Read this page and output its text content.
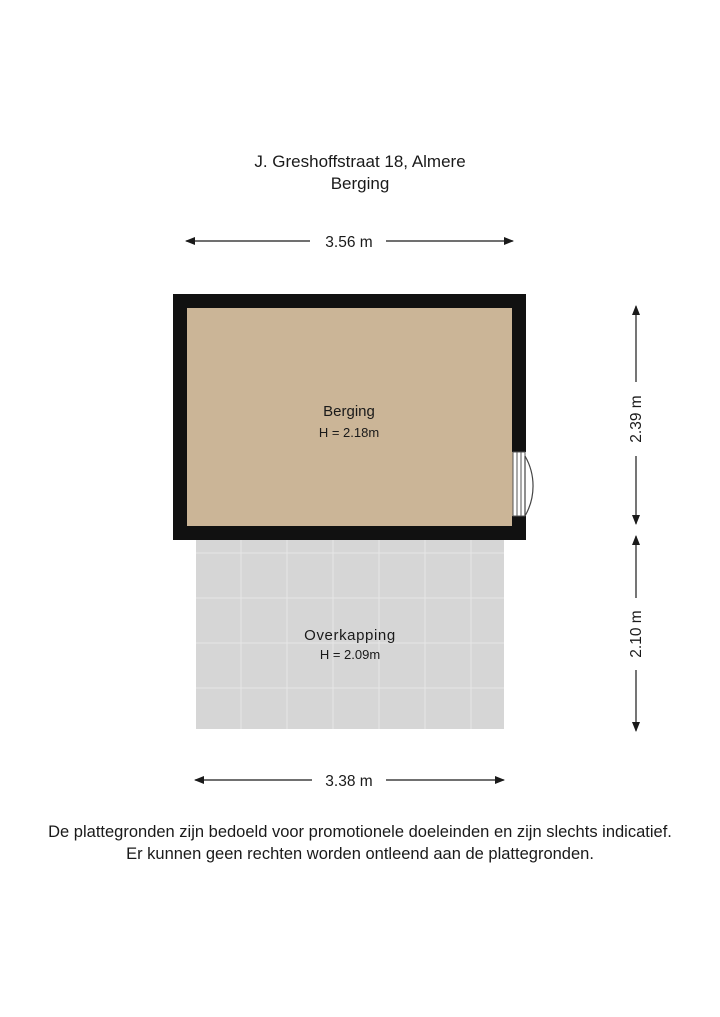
J. Greshoffstraat 18, Almere
Berging
Berging
H = 2.18m
Overkapping
H = 2.09m
3.56 m
3.38 m
2.39 m
2.10 m
De plattegronden zijn bedoeld voor promotionele doeleinden en zijn slechts indicatief.
Er kunnen geen rechten worden ontleend aan de plattegronden.
